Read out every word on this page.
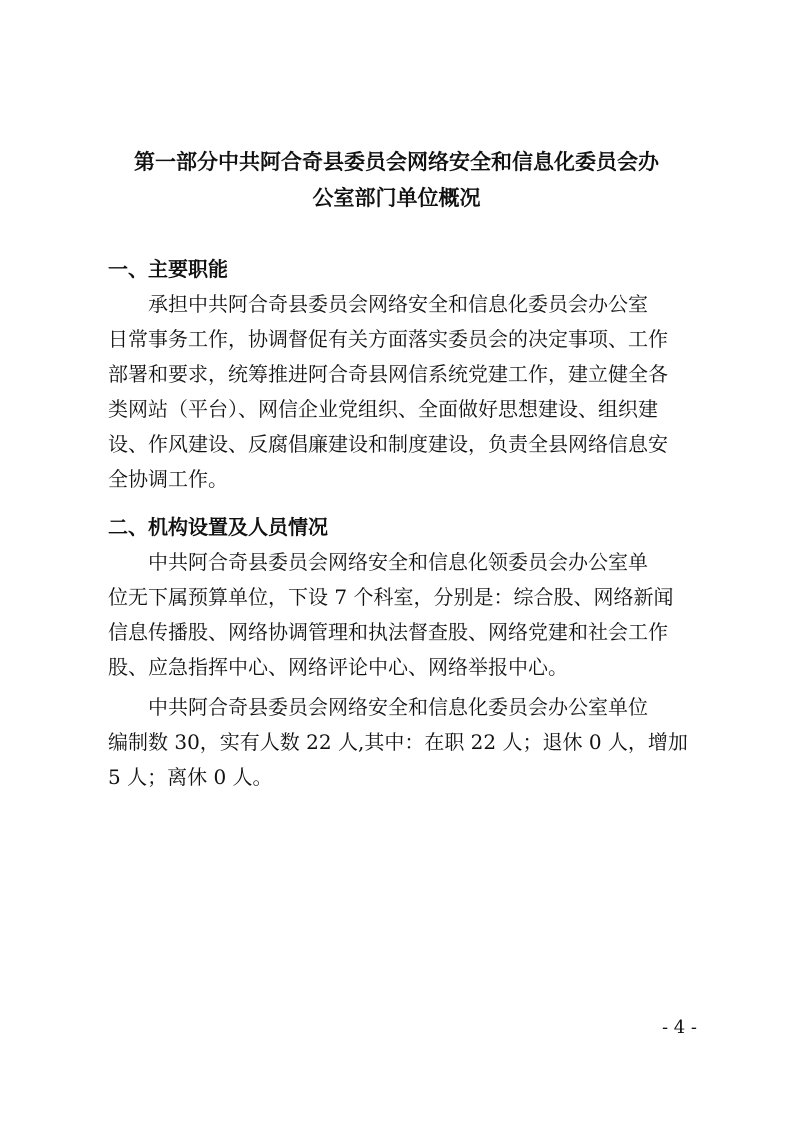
第一部分中共阿合奇县委员会网络安全和信息化委员会办
公室部门单位概况
一、主要职能
承担中共阿合奇县委员会网络安全和信息化委员会办公室
日常事务工作，协调督促有关方面落实委员会的决定事项、工作
部署和要求，统筹推进阿合奇县网信系统党建工作，建立健全各
类网站（平台）、网信企业党组织、全面做好思想建设、组织建
设、作风建设、反腐倡廉建设和制度建设，负责全县网络信息安
全协调工作。
二、机构设置及人员情况
中共阿合奇县委员会网络安全和信息化领委员会办公室单
位无下属预算单位，下设 7 个科室，分别是：综合股、网络新闻
信息传播股、网络协调管理和执法督查股、网络党建和社会工作
股、应急指挥中心、网络评论中心、网络举报中心。
中共阿合奇县委员会网络安全和信息化委员会办公室单位
编制数 30，实有人数 22 人,其中：在职 22 人；退休 0 人，增加
5 人；离休 0 人。
- 4 -
